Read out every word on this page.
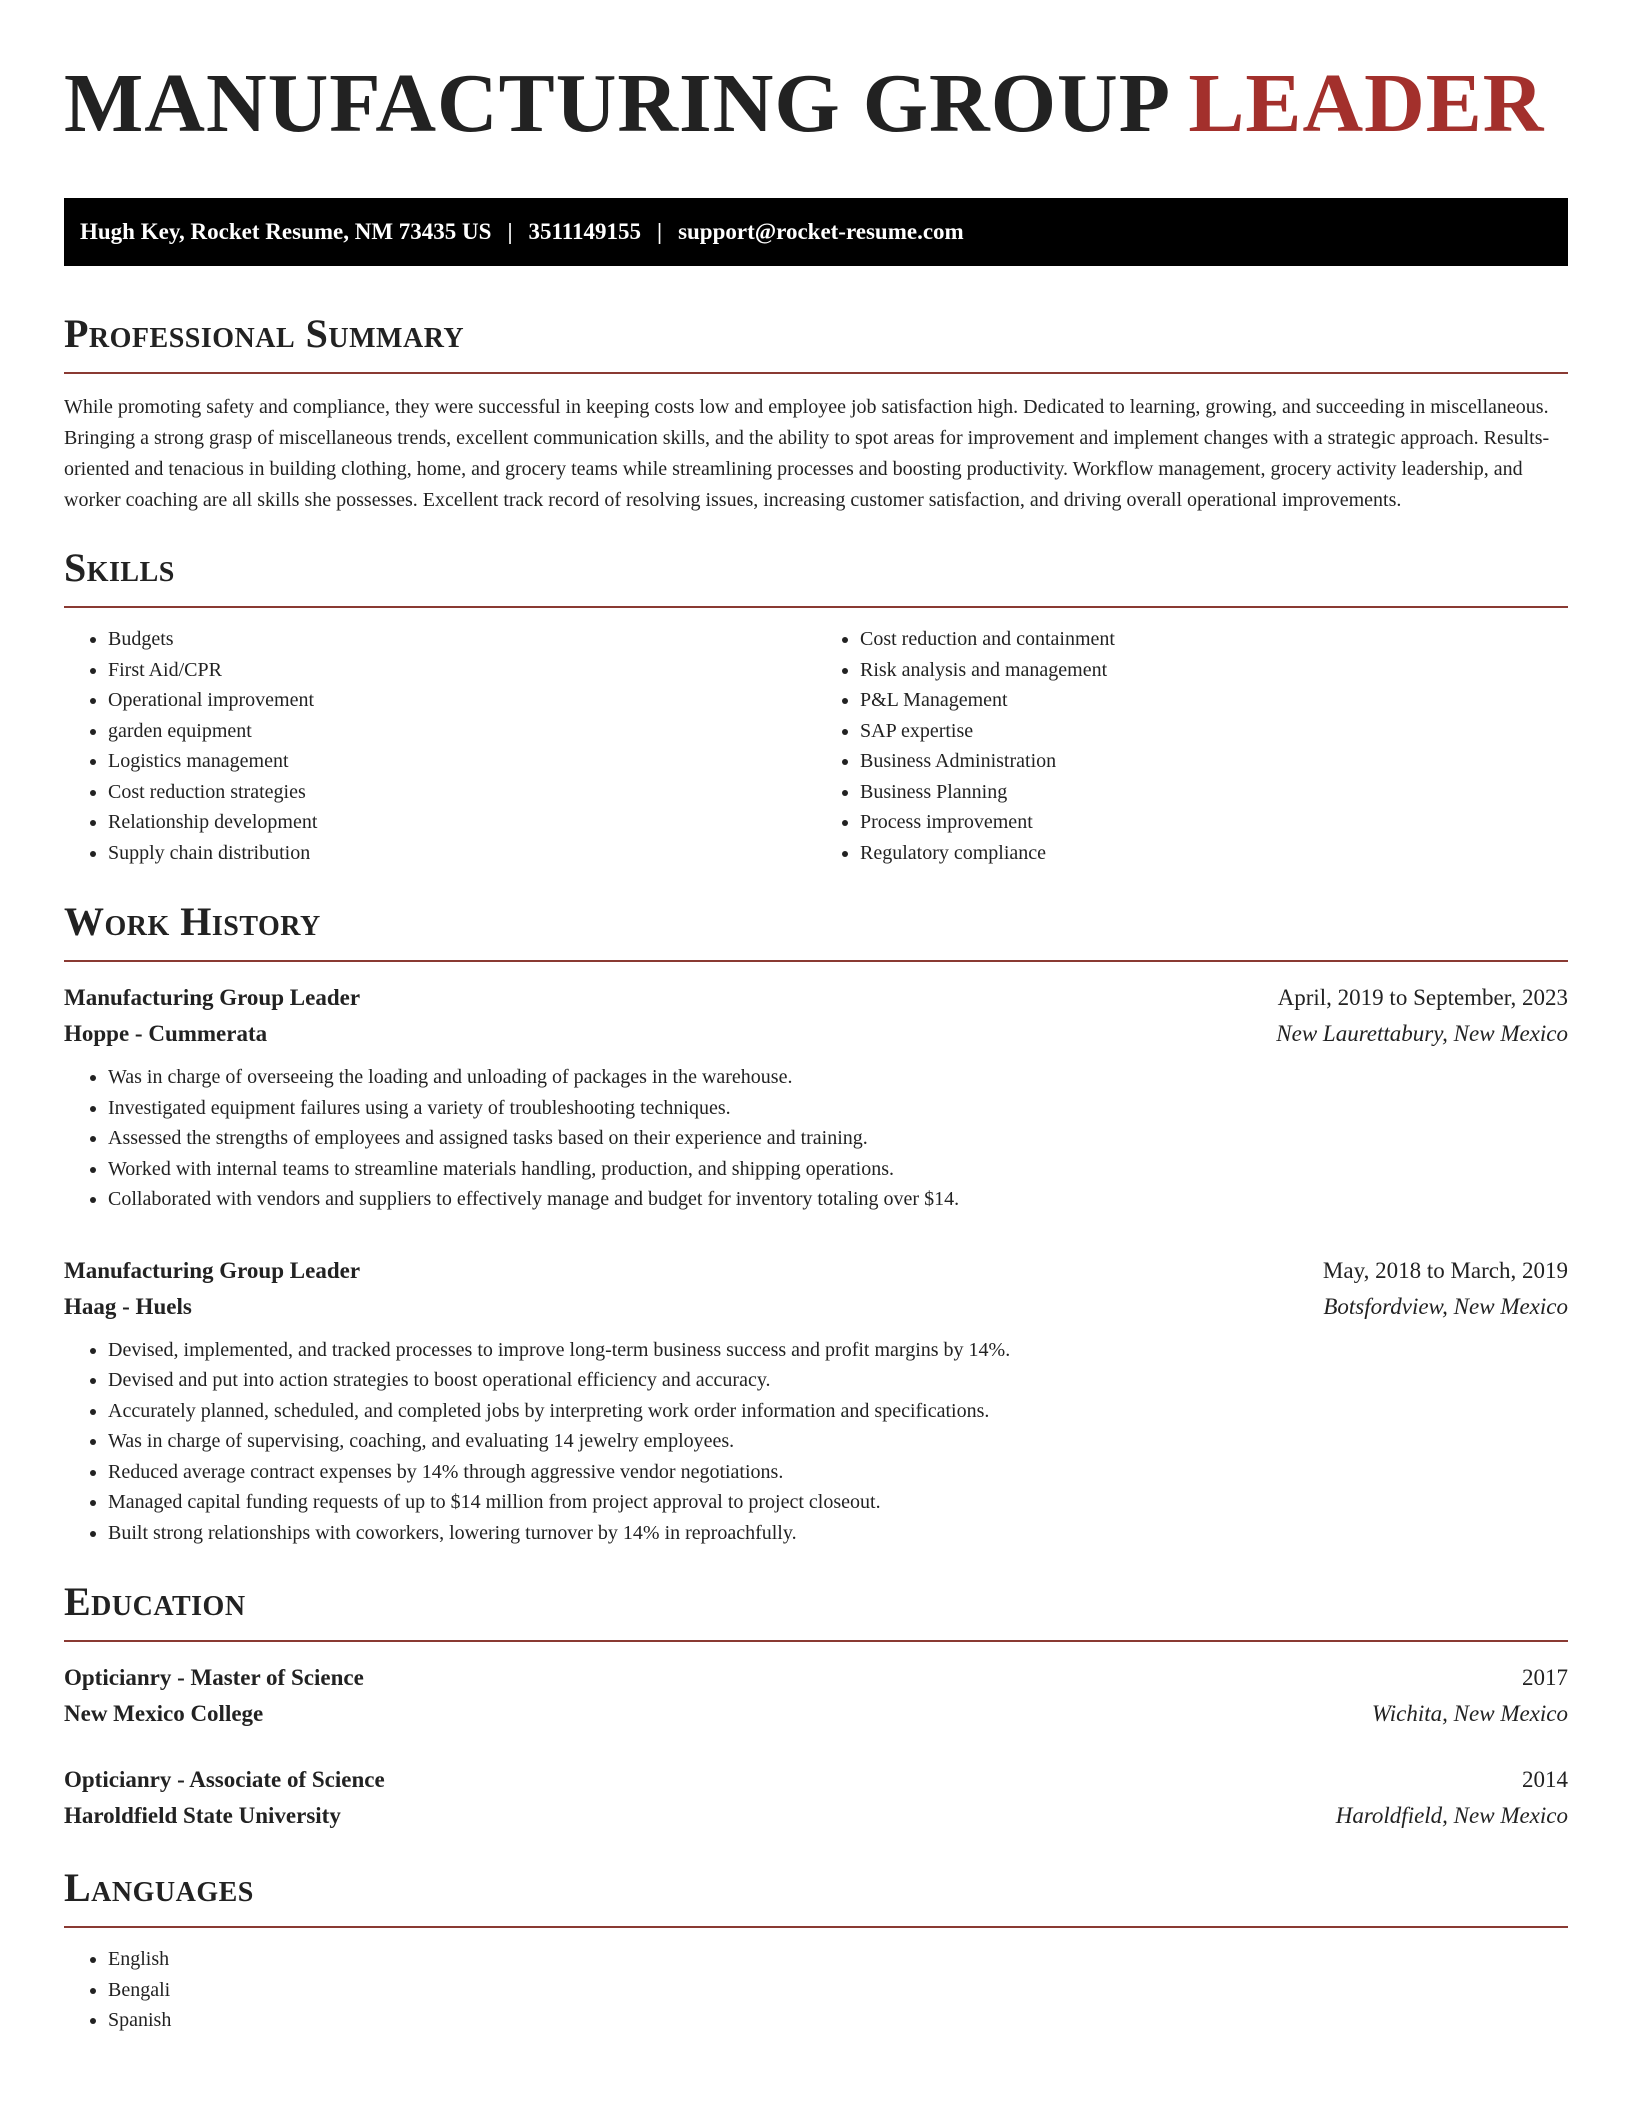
MANUFACTURING GROUP LEADER
Hugh Key, Rocket Resume, NM 73435 US | 3511149155 | support@rocket-resume.com
Professional Summary

While promoting safety and compliance, they were successful in keeping costs low and employee job satisfaction high. Dedicated to learning, growing, and succeeding in miscellaneous. Bringing a strong grasp of miscellaneous trends, excellent communication skills, and the ability to spot areas for improvement and implement changes with a strategic approach. Results-oriented and tenacious in building clothing, home, and grocery teams while streamlining processes and boosting productivity. Workflow management, grocery activity leadership, and worker coaching are all skills she possesses. Excellent track record of resolving issues, increasing customer satisfaction, and driving overall operational improvements.

Skills
• Budgets
• First Aid/CPR
• Operational improvement
• garden equipment
• Logistics management
• Cost reduction strategies
• Relationship development
• Supply chain distribution
• Cost reduction and containment
• Risk analysis and management
• P&L Management
• SAP expertise
• Business Administration
• Business Planning
• Process improvement
• Regulatory compliance
Work History
Manufacturing Group Leader	April, 2019 to September, 2023
Hoppe - Cummerata	New Laurettabury, New Mexico
• Was in charge of overseeing the loading and unloading of packages in the warehouse.
• Investigated equipment failures using a variety of troubleshooting techniques.
• Assessed the strengths of employees and assigned tasks based on their experience and training.
• Worked with internal teams to streamline materials handling, production, and shipping operations.
• Collaborated with vendors and suppliers to effectively manage and budget for inventory totaling over $14.
Manufacturing Group Leader	May, 2018 to March, 2019
Haag - Huels	Botsfordview, New Mexico
• Devised, implemented, and tracked processes to improve long-term business success and profit margins by 14%.
• Devised and put into action strategies to boost operational efficiency and accuracy.
• Accurately planned, scheduled, and completed jobs by interpreting work order information and specifications.
• Was in charge of supervising, coaching, and evaluating 14 jewelry employees.
• Reduced average contract expenses by 14% through aggressive vendor negotiations.
• Managed capital funding requests of up to $14 million from project approval to project closeout.
• Built strong relationships with coworkers, lowering turnover by 14% in reproachfully.
Education
Opticianry - Master of Science	2017
New Mexico College	Wichita, New Mexico
Opticianry - Associate of Science	2014
Haroldfield State University	Haroldfield, New Mexico
Languages
• English
• Bengali
• Spanish
